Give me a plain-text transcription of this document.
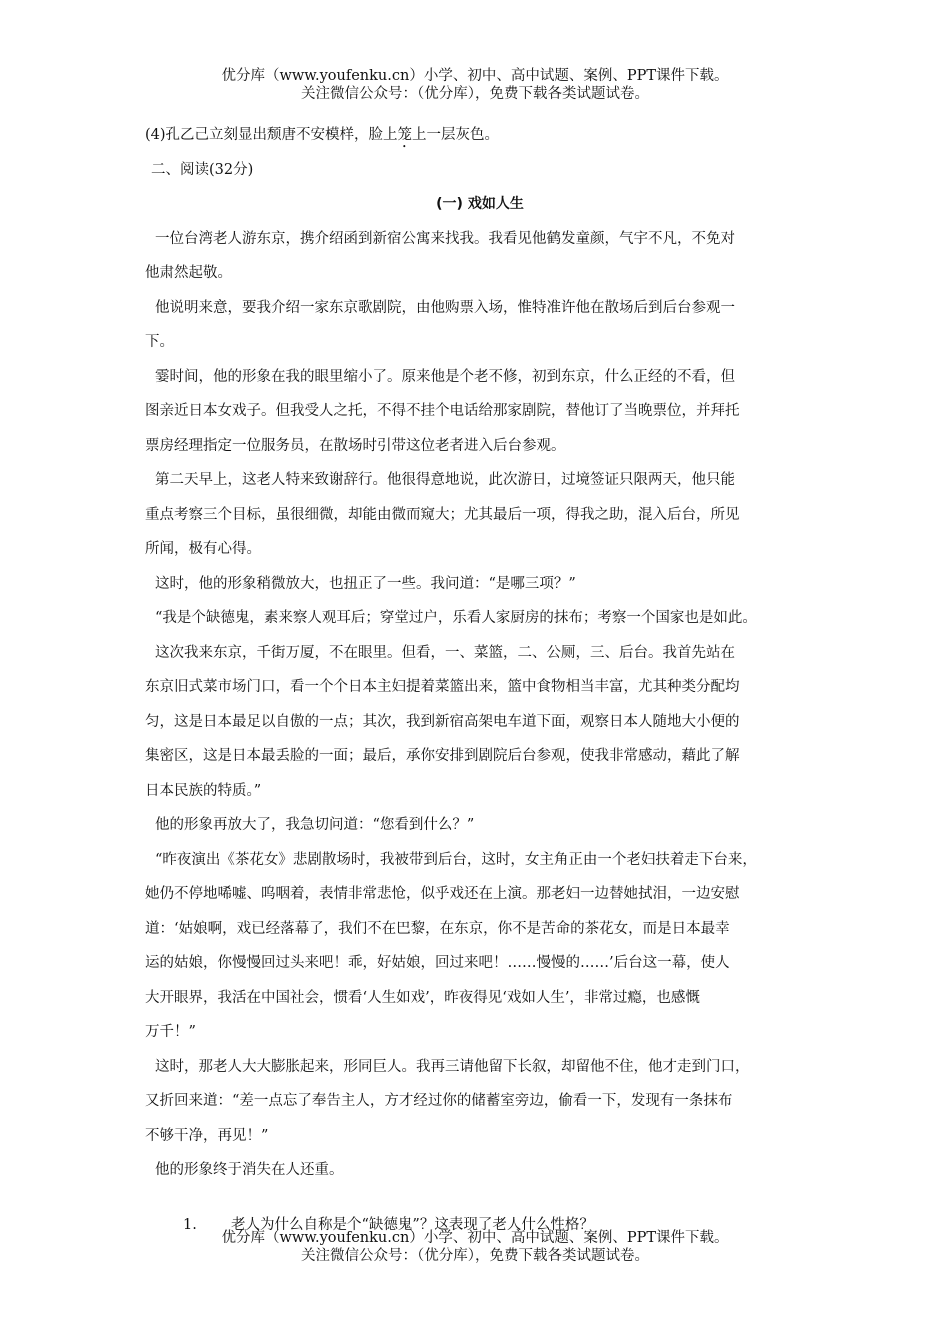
优分库（www.youfenku.cn）小学、初中、高中试题、案例、PPT课件下载。
关注微信公众号：（优分库），免费下载各类试题试卷。
(4)孔乙己立刻显出颓唐不安模样，脸上笼上一层灰色。
二、阅读(32分)
(一) 戏如人生
一位台湾老人游东京，携介绍函到新宿公寓来找我。我看见他鹤发童颜，气宇不凡，不免对
他肃然起敬。
他说明来意，要我介绍一家东京歌剧院，由他购票入场，惟特准许他在散场后到后台参观一
下。
霎时间，他的形象在我的眼里缩小了。原来他是个老不修，初到东京，什么正经的不看，但
图亲近日本女戏子。但我受人之托，不得不挂个电话给那家剧院，替他订了当晚票位，并拜托
票房经理指定一位服务员，在散场时引带这位老者进入后台参观。
第二天早上，这老人特来致谢辞行。他很得意地说，此次游日，过境签证只限两天，他只能
重点考察三个目标，虽很细微，却能由微而窥大；尤其最后一项，得我之助，混入后台，所见
所闻，极有心得。
这时，他的形象稍微放大，也扭正了一些。我问道：“是哪三项？”
“我是个缺德鬼，素来察人观耳后；穿堂过户，乐看人家厨房的抹布；考察一个国家也是如此。
这次我来东京，千街万厦，不在眼里。但看，一、菜篮，二、公厕，三、后台。我首先站在
东京旧式菜市场门口，看一个个日本主妇提着菜篮出来，篮中食物相当丰富，尤其种类分配均
匀，这是日本最足以自傲的一点；其次，我到新宿高架电车道下面，观察日本人随地大小便的
集密区，这是日本最丢脸的一面；最后，承你安排到剧院后台参观，使我非常感动，藉此了解
日本民族的特质。”
他的形象再放大了，我急切问道：“您看到什么？”
“昨夜演出《茶花女》悲剧散场时，我被带到后台，这时，女主角正由一个老妇扶着走下台来，
她仍不停地唏嘘、呜咽着，表情非常悲怆，似乎戏还在上演。那老妇一边替她拭泪，一边安慰
道：‘姑娘啊，戏已经落幕了，我们不在巴黎，在东京，你不是苦命的茶花女，而是日本最幸
运的姑娘，你慢慢回过头来吧！乖，好姑娘，回过来吧！……慢慢的……’后台这一幕，使人
大开眼界，我活在中国社会，惯看‘人生如戏’，昨夜得见‘戏如人生’，非常过瘾，也感慨
万千！”
这时，那老人大大膨胀起来，形同巨人。我再三请他留下长叙，却留他不住，他才走到门口，
又折回来道：“差一点忘了奉告主人，方才经过你的储蓄室旁边，偷看一下，发现有一条抹布
不够干净，再见！”
他的形象终于消失在人还重。
1. 老人为什么自称是个“缺德鬼”？这表现了老人什么性格？
优分库（www.youfenku.cn）小学、初中、高中试题、案例、PPT课件下载。
关注微信公众号：（优分库），免费下载各类试题试卷。
